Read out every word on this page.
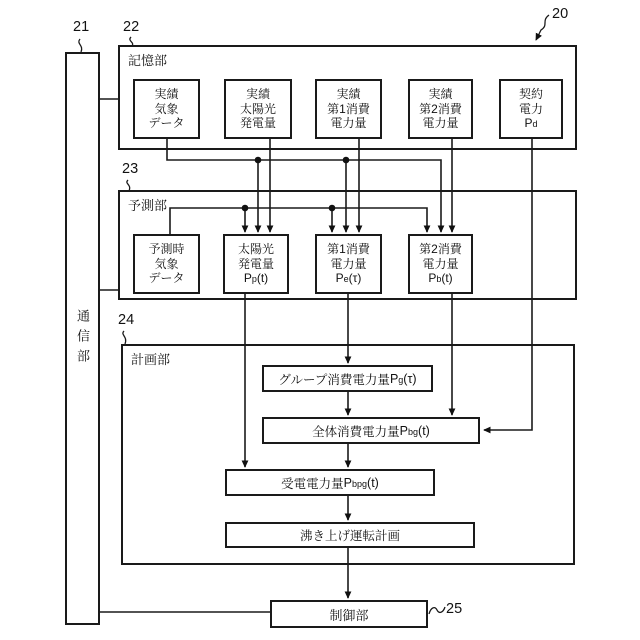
20
21 22
23
24
25
通信部
記憶部
予測部
計画部
実績
気象
データ
実績
太陽光
発電量
実績
第1消費
電力量
実績
第2消費
電力量
契約
電力
P d
予測時
気象
データ
太陽光
発電量
P p (t)
第1消費
電力量
P e (τ)
第2消費
電力量
P b (t)
グループ消費電力量 P g (τ)
全体消費電力量 P bg (t)
受電電力量 P bpg (t)
沸き上げ運転計画
制御部
